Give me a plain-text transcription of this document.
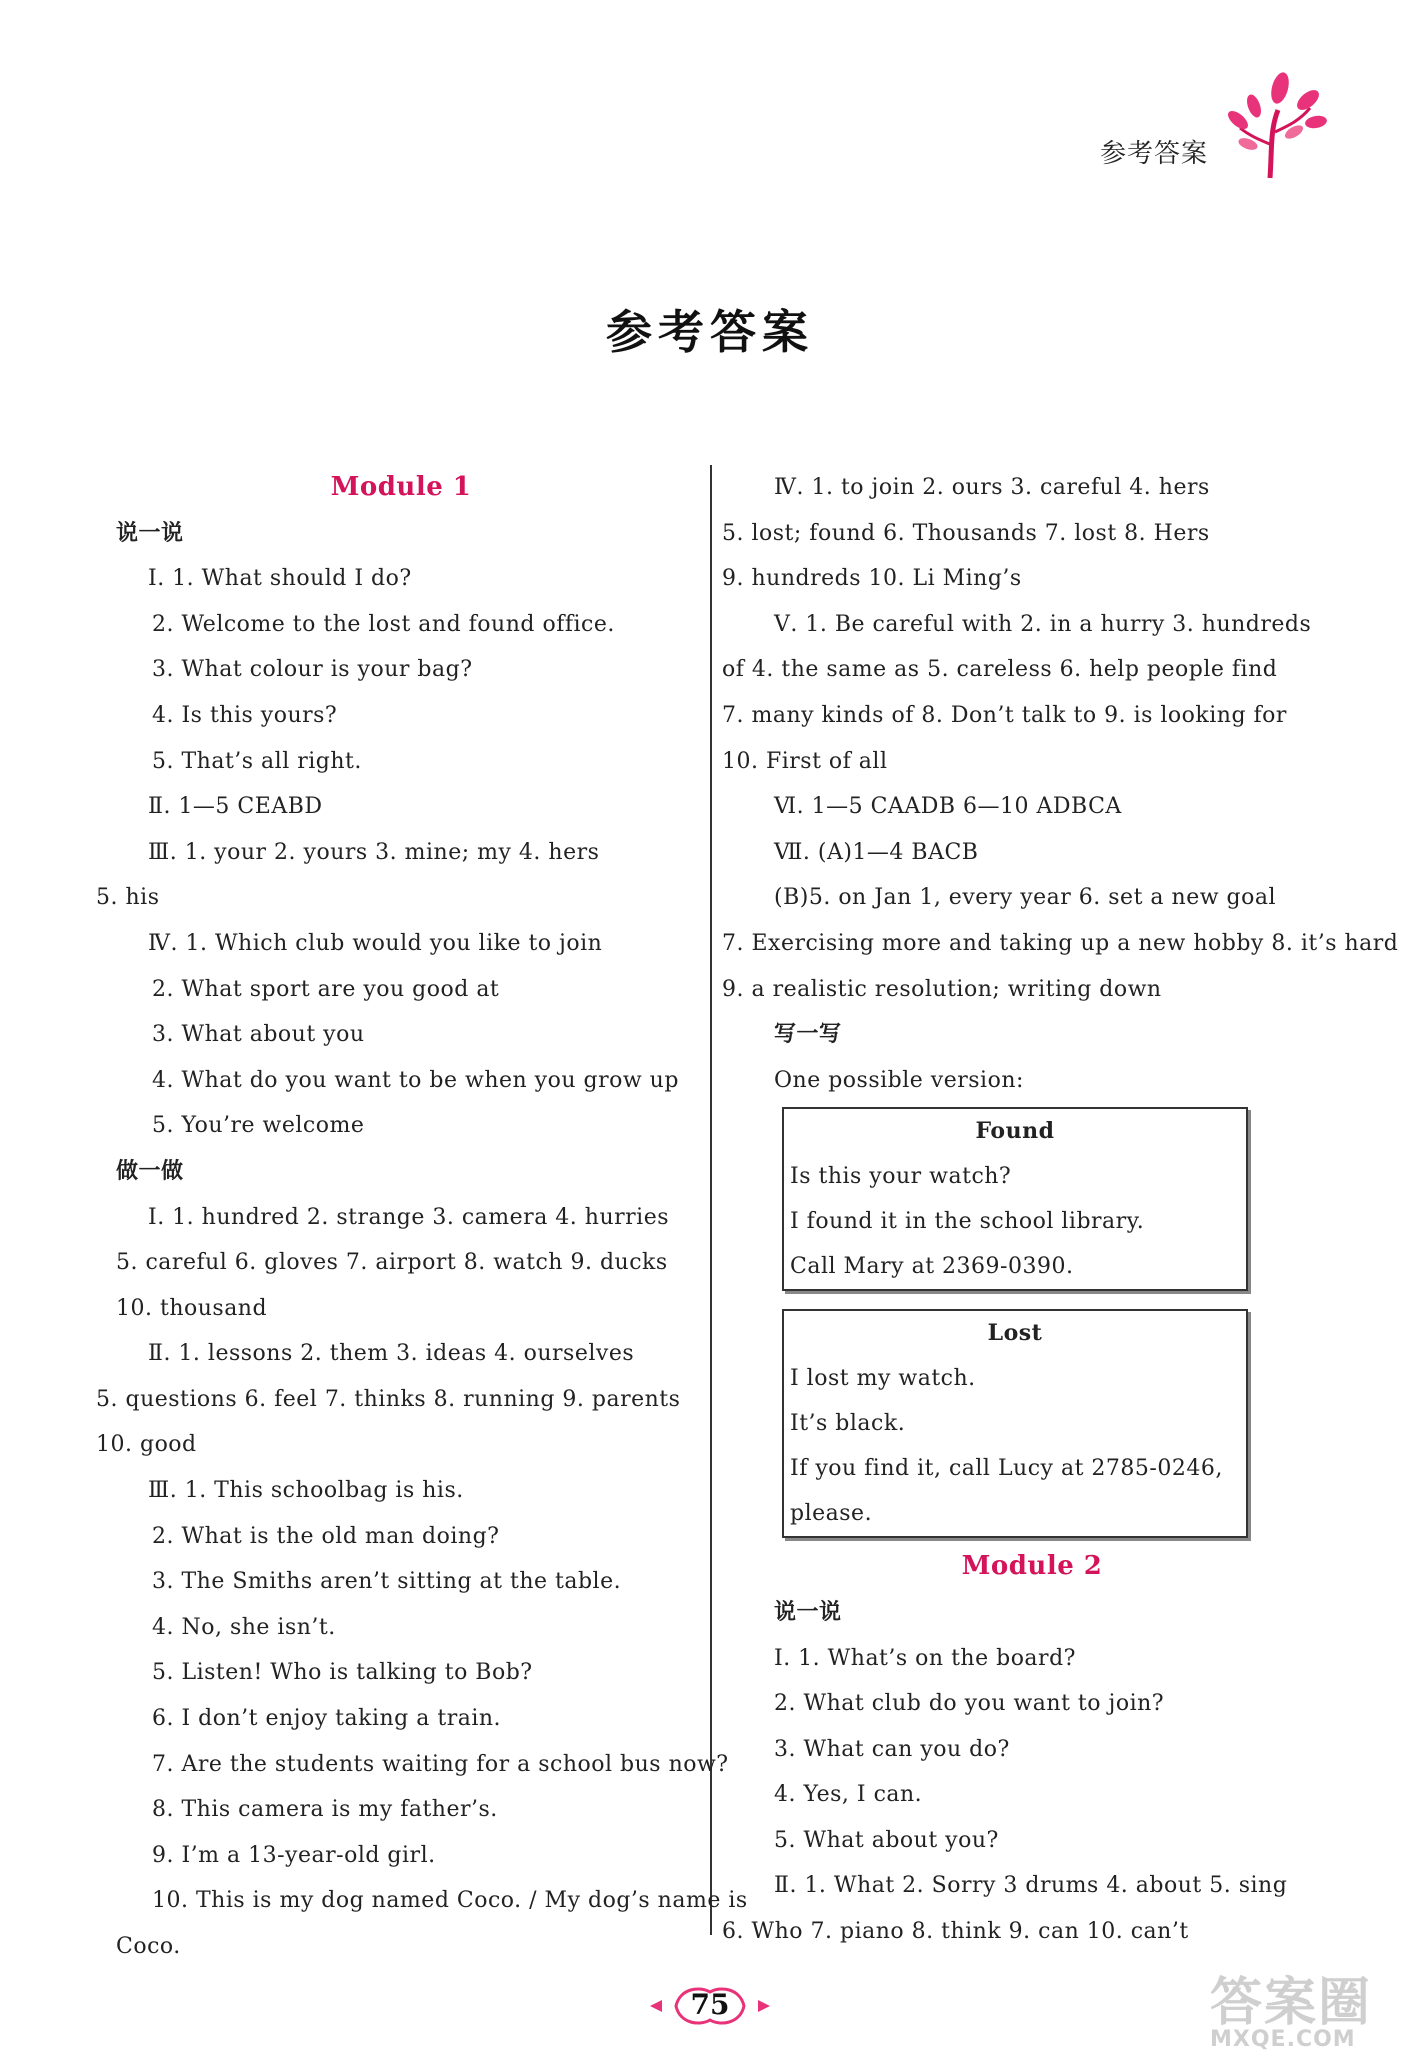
参考答案
参考答案
Module 1
说一说
Ⅰ. 1. What should I do?
2. Welcome to the lost and found office.
3. What colour is your bag?
4. Is this yours?
5. That’s all right.
Ⅱ. 1—5 CEABD
Ⅲ. 1. your 2. yours 3. mine; my 4. hers
5. his
Ⅳ. 1. Which club would you like to join
2. What sport are you good at
3. What about you
4. What do you want to be when you grow up
5. You’re welcome
做一做
Ⅰ. 1. hundred 2. strange 3. camera 4. hurries
5. careful 6. gloves 7. airport 8. watch 9. ducks
10. thousand
Ⅱ. 1. lessons 2. them 3. ideas 4. ourselves
5. questions 6. feel 7. thinks 8. running 9. parents
10. good
Ⅲ. 1. This schoolbag is his.
2. What is the old man doing?
3. The Smiths aren’t sitting at the table.
4. No, she isn’t.
5. Listen! Who is talking to Bob?
6. I don’t enjoy taking a train.
7. Are the students waiting for a school bus now?
8. This camera is my father’s.
9. I’m a 13-year-old girl.
10. This is my dog named Coco. / My dog’s name is
Coco.
Ⅳ. 1. to join 2. ours 3. careful 4. hers
5. lost; found 6. Thousands 7. lost 8. Hers
9. hundreds 10. Li Ming’s
Ⅴ. 1. Be careful with 2. in a hurry 3. hundreds
of 4. the same as 5. careless 6. help people find
7. many kinds of 8. Don’t talk to 9. is looking for
10. First of all
Ⅵ. 1—5 CAADB 6—10 ADBCA
Ⅶ. (A)1—4 BACB
(B)5. on Jan 1, every year 6. set a new goal
7. Exercising more and taking up a new hobby 8. it’s hard
9. a realistic resolution; writing down
写一写
One possible version:
Found
Is this your watch?
I found it in the school library.
Call Mary at 2369-0390.
Lost
I lost my watch.
It’s black.
If you find it, call Lucy at 2785-0246,
please.
Module 2
说一说
Ⅰ. 1. What’s on the board?
2. What club do you want to join?
3. What can you do?
4. Yes, I can.
5. What about you?
Ⅱ. 1. What 2. Sorry 3 drums 4. about 5. sing
6. Who 7. piano 8. think 9. can 10. can’t
75	答案圈
MXQE.COM
